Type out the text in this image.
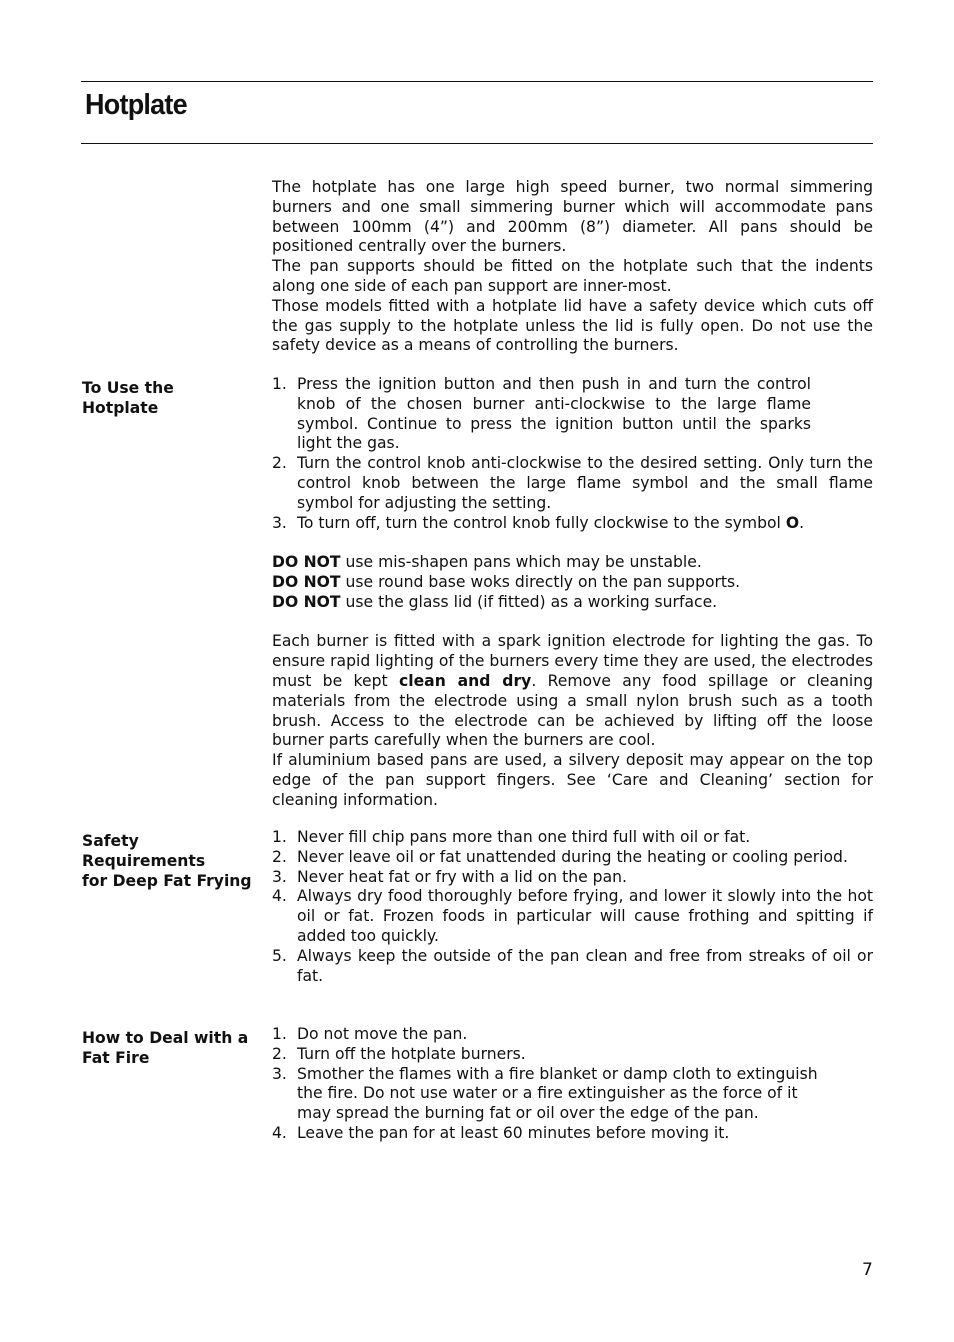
Hotplate

The hotplate has one large high speed burner, two normal simmering burners and one small simmering burner which will accommodate pans between 100mm (4”) and 200mm (8”) diameter. All pans should be positioned centrally over the burners.

The pan supports should be fitted on the hotplate such that the indents along one side of each pan support are inner-most.

Those models fitted with a hotplate lid have a safety device which cuts off the gas supply to the hotplate unless the lid is fully open. Do not use the safety device as a means of controlling the burners.

To Use the
Hotplate
1. Press the ignition button and then push in and turn the control knob of the chosen burner anti-clockwise to the large flame symbol. Continue to press the ignition button until the sparks light the gas.
2. Turn the control knob anti-clockwise to the desired setting. Only turn the control knob between the large flame symbol and the small flame symbol for adjusting the setting.
3. To turn off, turn the control knob fully clockwise to the symbol O.

DO NOT use mis-shapen pans which may be unstable.

DO NOT use round base woks directly on the pan supports.

DO NOT use the glass lid (if fitted) as a working surface.

Each burner is fitted with a spark ignition electrode for lighting the gas. To ensure rapid lighting of the burners every time they are used, the electrodes must be kept clean and dry. Remove any food spillage or cleaning materials from the electrode using a small nylon brush such as a tooth brush. Access to the electrode can be achieved by lifting off the loose burner parts carefully when the burners are cool.

If aluminium based pans are used, a silvery deposit may appear on the top edge of the pan support fingers. See ‘Care and Cleaning’ section for cleaning information.

Safety
Requirements
for Deep Fat Frying
1. Never fill chip pans more than one third full with oil or fat.
2. Never leave oil or fat unattended during the heating or cooling period.
3. Never heat fat or fry with a lid on the pan.
4. Always dry food thoroughly before frying, and lower it slowly into the hot oil or fat. Frozen foods in particular will cause frothing and spitting if added too quickly.
5. Always keep the outside of the pan clean and free from streaks of oil or fat.
How to Deal with a
Fat Fire
1. Do not move the pan.
2. Turn off the hotplate burners.
3. Smother the flames with a fire blanket or damp cloth to extinguish the fire. Do not use water or a fire extinguisher as the force of it may spread the burning fat or oil over the edge of the pan.
4. Leave the pan for at least 60 minutes before moving it.
7
